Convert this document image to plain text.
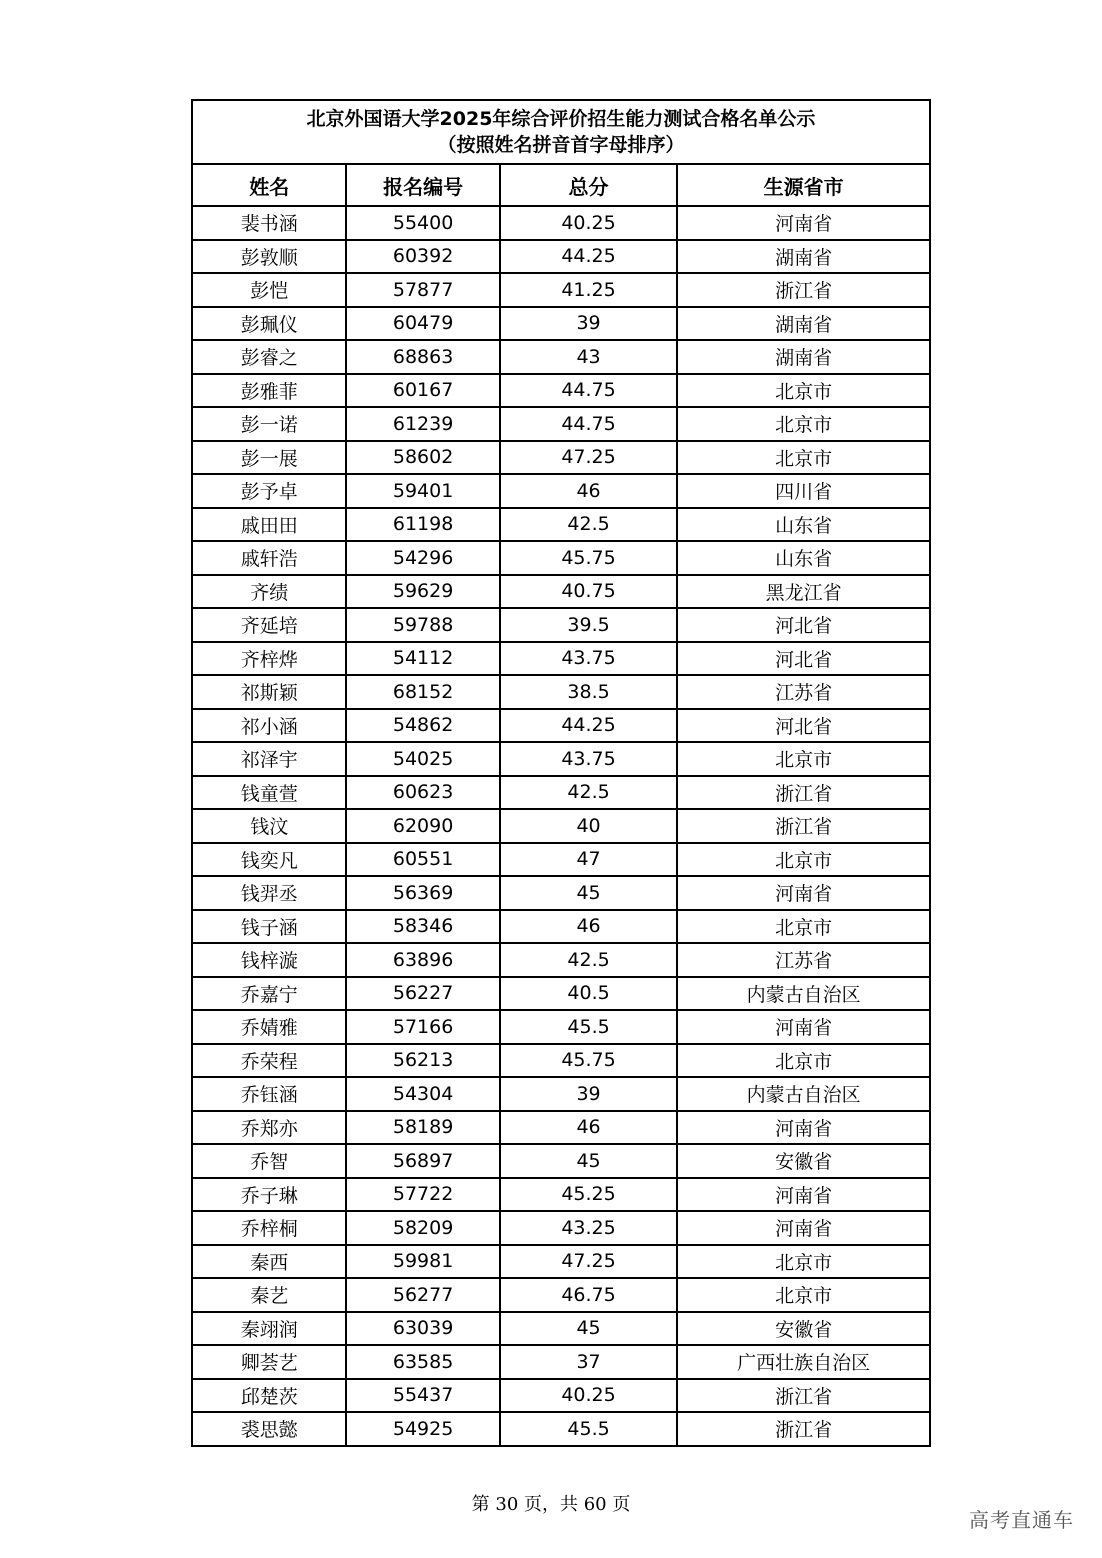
北京外国语大学2025年综合评价招生能力测试合格名单公示
（按照姓名拼音首字母排序）			

姓名	报名编号	总分	生源省市
裴书涵	55400	40.25	河南省
彭敦顺	60392	44.25	湖南省
彭恺	57877	41.25	浙江省
彭珮仪	60479	39	湖南省
彭睿之	68863	43	湖南省
彭雅菲	60167	44.75	北京市
彭一诺	61239	44.75	北京市
彭一展	58602	47.25	北京市
彭予卓	59401	46	四川省
戚田田	61198	42.5	山东省
戚轩浩	54296	45.75	山东省
齐绩	59629	40.75	黑龙江省
齐延培	59788	39.5	河北省
齐梓烨	54112	43.75	河北省
祁斯颖	68152	38.5	江苏省
祁小涵	54862	44.25	河北省
祁泽宇	54025	43.75	北京市
钱童萱	60623	42.5	浙江省
钱汶	62090	40	浙江省
钱奕凡	60551	47	北京市
钱羿丞	56369	45	河南省
钱子涵	58346	46	北京市
钱梓漩	63896	42.5	江苏省
乔嘉宁	56227	40.5	内蒙古自治区
乔婧雅	57166	45.5	河南省
乔荣程	56213	45.75	北京市
乔钰涵	54304	39	内蒙古自治区
乔郑亦	58189	46	河南省
乔智	56897	45	安徽省
乔子琳	57722	45.25	河南省
乔梓桐	58209	43.25	河南省
秦西	59981	47.25	北京市
秦艺	56277	46.75	北京市
秦翊润	63039	45	安徽省
卿荟艺	63585	37	广西壮族自治区
邱楚茨	55437	40.25	浙江省
裘思懿	54925	45.5	浙江省
第 30 页，共 60 页
高考直通车
